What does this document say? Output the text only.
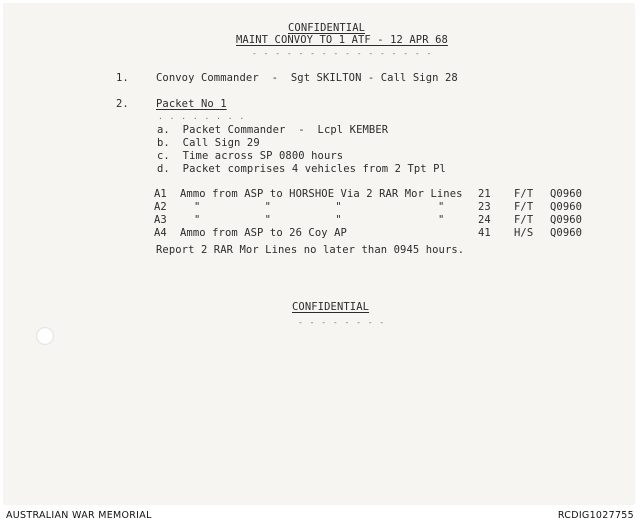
CONFIDENTIAL
MAINT CONVOY TO 1 ATF - 12 APR 68
- - - - - - - - - - - - - - - -
1.	Convoy Commander  -  Sgt SKILTON - Call Sign 28
2.	Packet No 1
. . . . . . . .
a.  Packet Commander  -  Lcpl KEMBER
b.  Call Sign 29
c.  Time across SP 0800 hours
d.  Packet comprises 4 vehicles from 2 Tpt Pl
A1 Ammo from ASP to HORSHOE Via 2 RAR Mor Lines 21 F/T Q0960
A2	"          "          "               "	23 F/T Q0960
A3	"          "          "               "	24 F/T Q0960
A4 Ammo from ASP to 26 Coy AP	41 H/S Q0960
Report 2 RAR Mor Lines no later than 0945 hours.
CONFIDENTIAL
- - - - - - - -
AUSTRALIAN WAR MEMORIAL	RCDIG1027755
